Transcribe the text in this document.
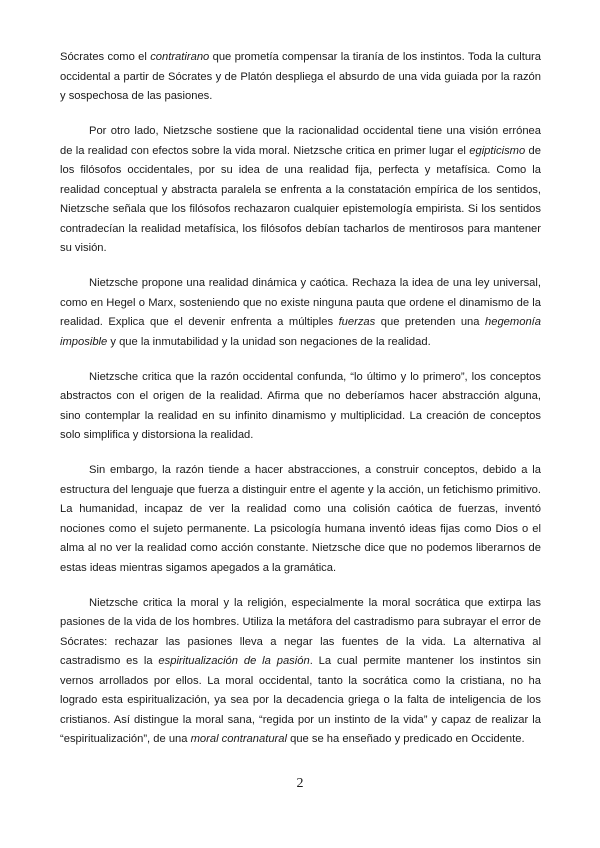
Sócrates como el contratirano que prometía compensar la tiranía de los instintos. Toda la cultura occidental a partir de Sócrates y de Platón despliega el absurdo de una vida guiada por la razón y sospechosa de las pasiones.

Por otro lado, Nietzsche sostiene que la racionalidad occidental tiene una visión errónea de la realidad con efectos sobre la vida moral. Nietzsche critica en primer lugar el egipticismo de los filósofos occidentales, por su idea de una realidad fija, perfecta y metafísica. Como la realidad conceptual y abstracta paralela se enfrenta a la constatación empírica de los sentidos, Nietzsche señala que los filósofos rechazaron cualquier epistemología empirista. Si los sentidos contradecían la realidad metafísica, los filósofos debían tacharlos de mentirosos para mantener su visión.

Nietzsche propone una realidad dinámica y caótica. Rechaza la idea de una ley universal, como en Hegel o Marx, sosteniendo que no existe ninguna pauta que ordene el dinamismo de la realidad. Explica que el devenir enfrenta a múltiples fuerzas que pretenden una hegemonía imposible y que la inmutabilidad y la unidad son negaciones de la realidad.

Nietzsche critica que la razón occidental confunda, “lo último y lo primero”, los conceptos abstractos con el origen de la realidad. Afirma que no deberíamos hacer abstracción alguna, sino contemplar la realidad en su infinito dinamismo y multiplicidad. La creación de conceptos solo simplifica y distorsiona la realidad.

Sin embargo, la razón tiende a hacer abstracciones, a construir conceptos, debido a la estructura del lenguaje que fuerza a distinguir entre el agente y la acción, un fetichismo primitivo. La humanidad, incapaz de ver la realidad como una colisión caótica de fuerzas, inventó nociones como el sujeto permanente. La psicología humana inventó ideas fijas como Dios o el alma al no ver la realidad como acción constante. Nietzsche dice que no podemos liberarnos de estas ideas mientras sigamos apegados a la gramática.

Nietzsche critica la moral y la religión, especialmente la moral socrática que extirpa las pasiones de la vida de los hombres. Utiliza la metáfora del castradismo para subrayar el error de Sócrates: rechazar las pasiones lleva a negar las fuentes de la vida. La alternativa al castradismo es la espiritualización de la pasión. La cual permite mantener los instintos sin vernos arrollados por ellos. La moral occidental, tanto la socrática como la cristiana, no ha logrado esta espiritualización, ya sea por la decadencia griega o la falta de inteligencia de los cristianos. Así distingue la moral sana, “regida por un instinto de la vida” y capaz de realizar la “espiritualización”, de una moral contranatural que se ha enseñado y predicado en Occidente.

2
